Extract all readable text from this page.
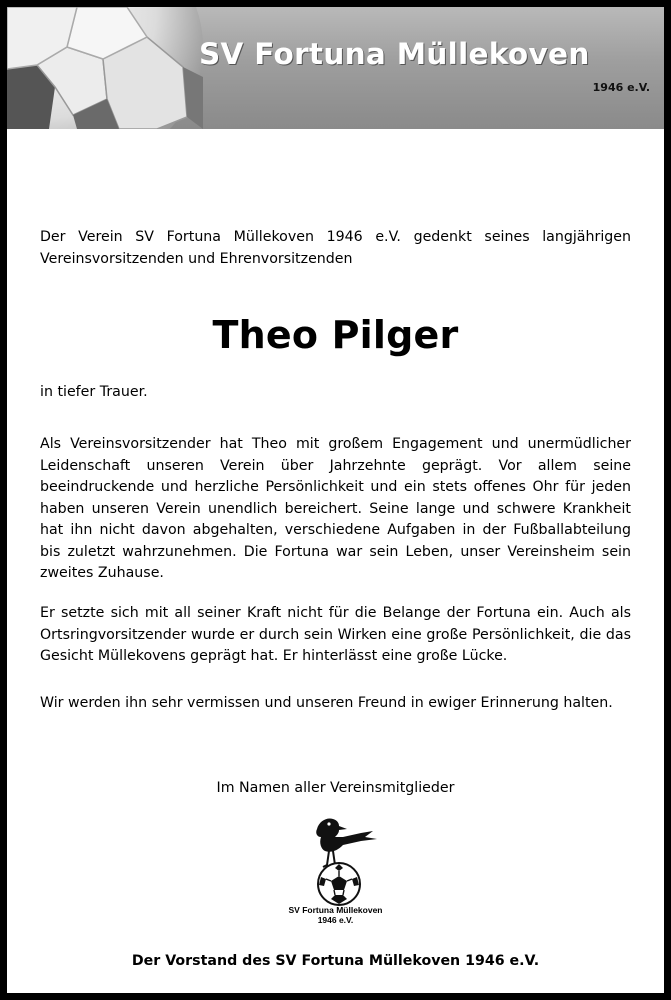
SV Fortuna Müllekoven
1946 e.V.

Der Verein SV Fortuna Müllekoven 1946 e.V. gedenkt seines langjährigen Vereinsvorsitzenden und Ehrenvorsitzenden

Theo Pilger
in tiefer Trauer.

Als Vereinsvorsitzender hat Theo mit großem Engagement und unermüdlicher Leidenschaft unseren Verein über Jahrzehnte geprägt. Vor allem seine beeindruckende und herzliche Persönlichkeit und ein stets offenes Ohr für jeden haben unseren Verein unendlich bereichert. Seine lange und schwere Krankheit hat ihn nicht davon abgehalten, verschiedene Aufgaben in der Fußballabteilung bis zuletzt wahrzunehmen. Die Fortuna war sein Leben, unser Vereinsheim sein zweites Zuhause.

Er setzte sich mit all seiner Kraft nicht für die Belange der Fortuna ein. Auch als Ortsringvorsitzender wurde er durch sein Wirken eine große Persönlichkeit, die das Gesicht Müllekovens geprägt hat. Er hinterlässt eine große Lücke.

Wir werden ihn sehr vermissen und unseren Freund in ewiger Erinnerung halten.

Im Namen aller Vereinsmitglieder
SV Fortuna Müllekoven
1946 e.V.
Der Vorstand des SV Fortuna Müllekoven 1946 e.V.
